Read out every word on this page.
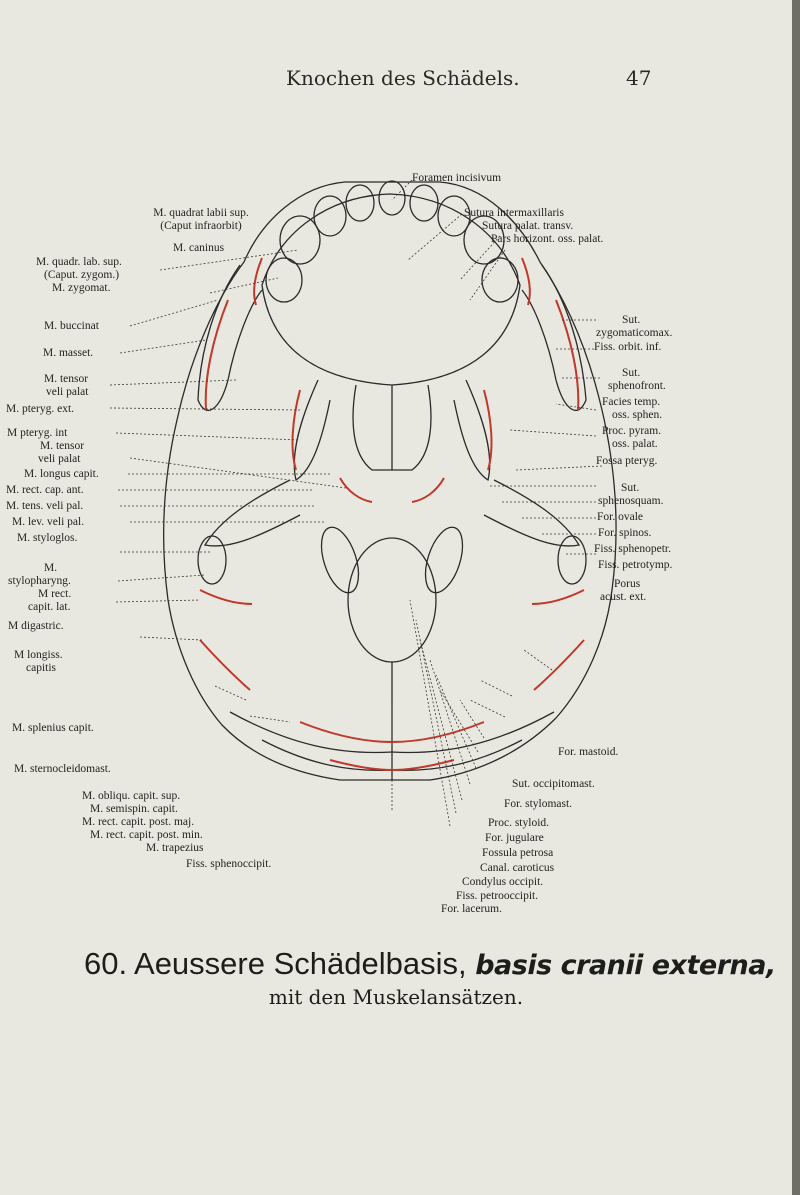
Knochen des Schädels.	47
Foramen incisivum
M. quadrat labii sup.
(Caput infraorbit)
M. caninus
M. quadr. lab. sup.
(Caput. zygom.)
M. zygomat.
M. buccinat
M. masset.
M. tensor
veli palat
M. pteryg. ext.
M pteryg. int
M. tensor
veli palat
M. longus capit.
M. rect. cap. ant.
M. tens. veli pal.
M. lev. veli pal.
M. styloglos.
M.
stylopharyng.
M rect.
capit. lat.
M digastric.
M longiss.
capitis
M. splenius capit.
M. sternocleidomast.
M. obliqu. capit. sup.
M. semispin. capit.
M. rect. capit. post. maj.
M. rect. capit. post. min.
M. trapezius
Fiss. sphenoccipit.
Sutura intermaxillaris
Sutura palat. transv.
Pars horizont. oss. palat.
Sut.
zygomaticomax.
Fiss. orbit. inf.
Sut.
sphenofront.
Facies temp.
oss. sphen.
Proc. pyram.
oss. palat.
Fossa pteryg.
Sut.
sphenosquam.
For. ovale
For. spinos.
Fiss. sphenopetr.
Fiss. petrotymp.
Porus
acust. ext.
For. mastoid.
Sut. occipitomast.
For. stylomast.
Proc. styloid.
For. jugulare
Fossula petrosa
Canal. caroticus
Condylus occipit.
Fiss. petrooccipit.
For. lacerum.
60. Aeussere Schädelbasis, basis cranii externa,
mit den Muskelansätzen.
